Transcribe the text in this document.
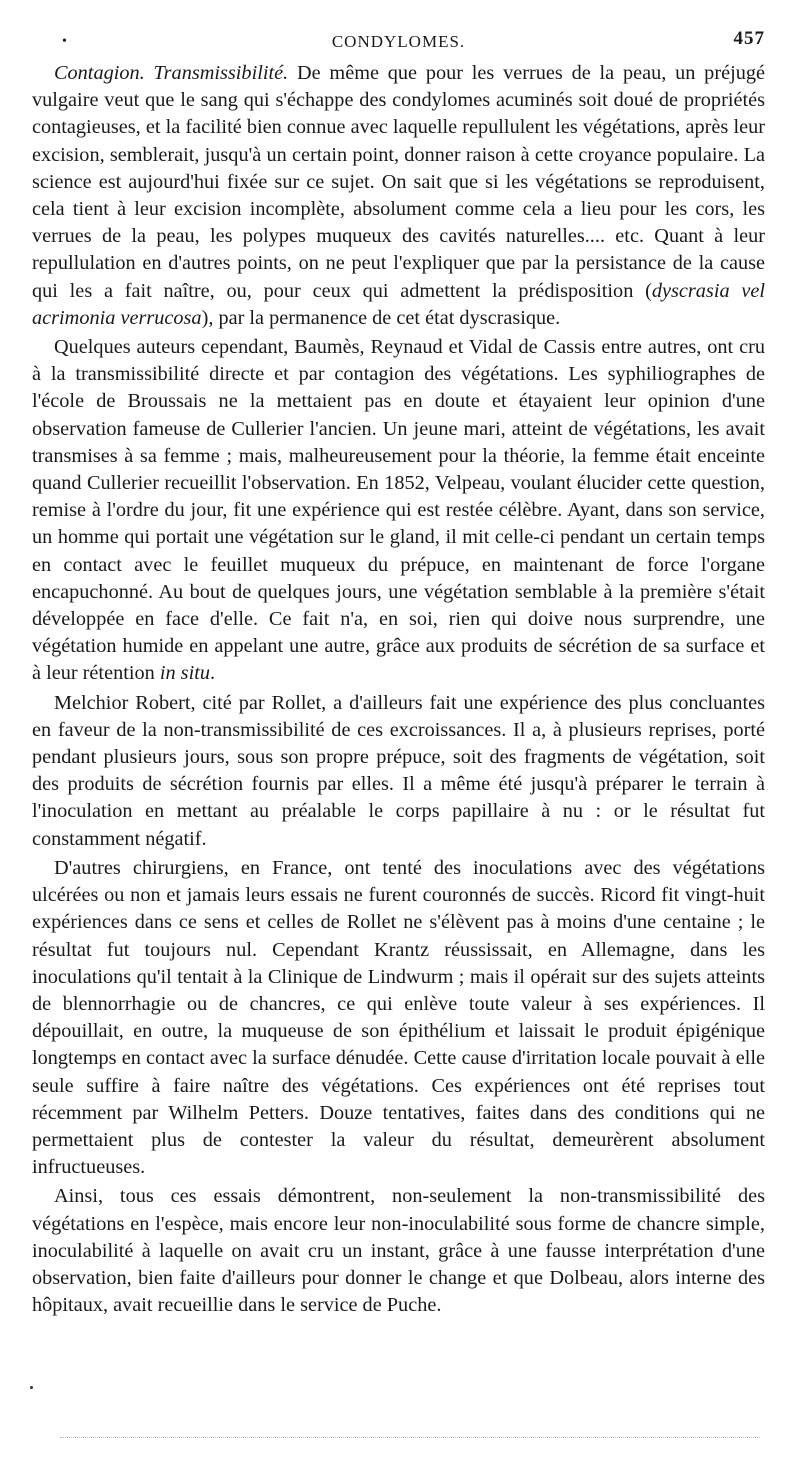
•	CONDYLOMES.	457

Contagion. Transmissibilité. De même que pour les verrues de la peau, un préjugé vulgaire veut que le sang qui s'échappe des condylomes acuminés soit doué de propriétés contagieuses, et la facilité bien connue avec laquelle repullulent les végétations, après leur excision, semblerait, jusqu'à un certain point, donner raison à cette croyance populaire. La science est aujourd'hui fixée sur ce sujet. On sait que si les végétations se reproduisent, cela tient à leur excision incomplète, absolument comme cela a lieu pour les cors, les verrues de la peau, les polypes muqueux des cavités naturelles.... etc. Quant à leur repullulation en d'autres points, on ne peut l'expliquer que par la persistance de la cause qui les a fait naître, ou, pour ceux qui admettent la prédisposition (dyscrasia vel acrimonia verrucosa), par la permanence de cet état dyscrasique.

Quelques auteurs cependant, Baumès, Reynaud et Vidal de Cassis entre autres, ont cru à la transmissibilité directe et par contagion des végétations. Les syphiliographes de l'école de Broussais ne la mettaient pas en doute et étayaient leur opinion d'une observation fameuse de Cullerier l'ancien. Un jeune mari, atteint de végétations, les avait transmises à sa femme ; mais, malheureusement pour la théorie, la femme était enceinte quand Cullerier recueillit l'observation. En 1852, Velpeau, voulant élucider cette question, remise à l'ordre du jour, fit une expérience qui est restée célèbre. Ayant, dans son service, un homme qui portait une végétation sur le gland, il mit celle-ci pendant un certain temps en contact avec le feuillet muqueux du prépuce, en maintenant de force l'organe encapuchonné. Au bout de quelques jours, une végétation semblable à la première s'était développée en face d'elle. Ce fait n'a, en soi, rien qui doive nous surprendre, une végétation humide en appelant une autre, grâce aux produits de sécrétion de sa surface et à leur rétention in situ.

Melchior Robert, cité par Rollet, a d'ailleurs fait une expérience des plus concluantes en faveur de la non-transmissibilité de ces excroissances. Il a, à plusieurs reprises, porté pendant plusieurs jours, sous son propre prépuce, soit des fragments de végétation, soit des produits de sécrétion fournis par elles. Il a même été jusqu'à préparer le terrain à l'inoculation en mettant au préalable le corps papillaire à nu : or le résultat fut constamment négatif.

D'autres chirurgiens, en France, ont tenté des inoculations avec des végétations ulcérées ou non et jamais leurs essais ne furent couronnés de succès. Ricord fit vingt-huit expériences dans ce sens et celles de Rollet ne s'élèvent pas à moins d'une centaine ; le résultat fut toujours nul. Cependant Krantz réussissait, en Allemagne, dans les inoculations qu'il tentait à la Clinique de Lindwurm ; mais il opérait sur des sujets atteints de blennorrhagie ou de chancres, ce qui enlève toute valeur à ses expériences. Il dépouillait, en outre, la muqueuse de son épithélium et laissait le produit épigénique longtemps en contact avec la surface dénudée. Cette cause d'irritation locale pouvait à elle seule suffire à faire naître des végétations. Ces expériences ont été reprises tout récemment par Wilhelm Petters. Douze tentatives, faites dans des conditions qui ne permettaient plus de contester la valeur du résultat, demeurèrent absolument infructueuses.

Ainsi, tous ces essais démontrent, non-seulement la non-transmissibilité des végétations en l'espèce, mais encore leur non-inoculabilité sous forme de chancre simple, inoculabilité à laquelle on avait cru un instant, grâce à une fausse interprétation d'une observation, bien faite d'ailleurs pour donner le change et que Dolbeau, alors interne des hôpitaux, avait recueillie dans le service de Puche.
